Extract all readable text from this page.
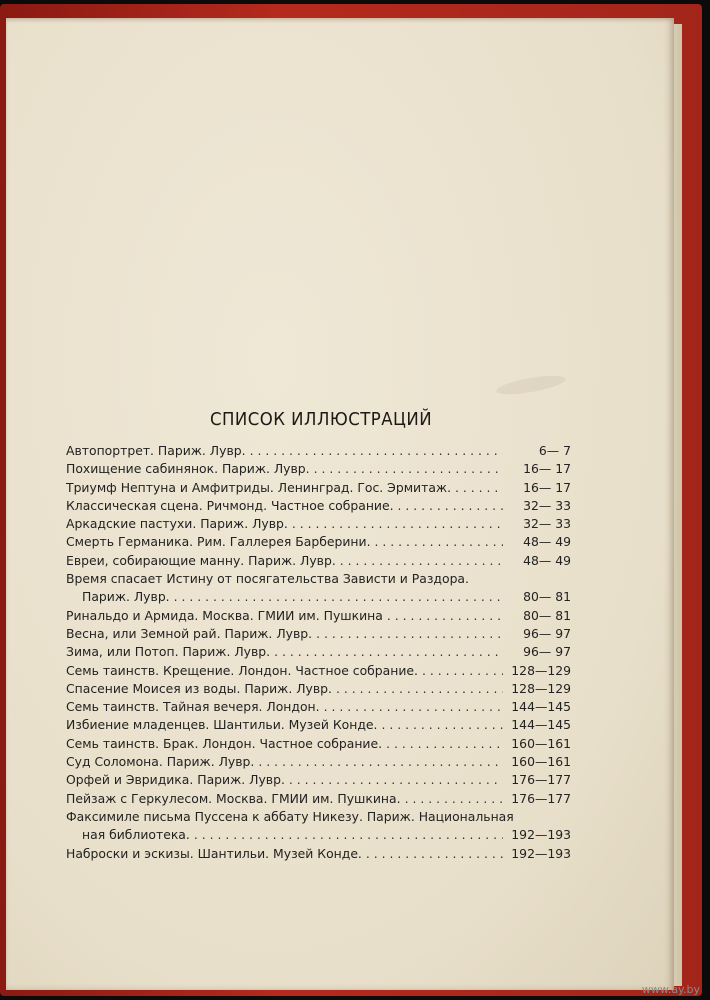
СПИСОК ИЛЛЮСТРАЦИЙ
Автопортрет. Париж. Лувр. . . .	6— 7
Похищение сабинянок. Париж. Лувр. . . .	16— 17
Триумф Нептуна и Амфитриды. Ленинград. Гос. Эрмитаж. . . .	16— 17
Классическая сцена. Ричмонд. Частное собрание. . . .	32— 33
Аркадские пастухи. Париж. Лувр. . . .	32— 33
Смерть Германика. Рим. Галлерея Барберини. . . .	48— 49
Евреи, собирающие манну. Париж. Лувр. . . .	48— 49
Время спасает Истину от посягательства Зависти и Раздора.
Париж. Лувр. . . .	80— 81
Ринальдо и Армида. Москва. ГМИИ им. Пушкина . . .	80— 81
Весна, или Земной рай. Париж. Лувр. . . .	96— 97
Зима, или Потоп. Париж. Лувр. . . .	96— 97
Семь таинств. Крещение. Лондон. Частное собрание. . . .	128—129
Спасение Моисея из воды. Париж. Лувр. . . .	128—129
Семь таинств. Тайная вечеря. Лондон. . . .	144—145
Избиение младенцев. Шантильи. Музей Конде. . . .	144—145
Семь таинств. Брак. Лондон. Частное собрание. . . .	160—161
Суд Соломона. Париж. Лувр. . . .	160—161
Орфей и Эвридика. Париж. Лувр. . . .	176—177
Пейзаж с Геркулесом. Москва. ГМИИ им. Пушкина. . . .	176—177
Факсимиле письма Пуссена к аббату Никезу. Париж. Национальная
ная библиотека. . . .	192—193
Наброски и эскизы. Шантильи. Музей Конде. . . .	192—193
www.ay.by
